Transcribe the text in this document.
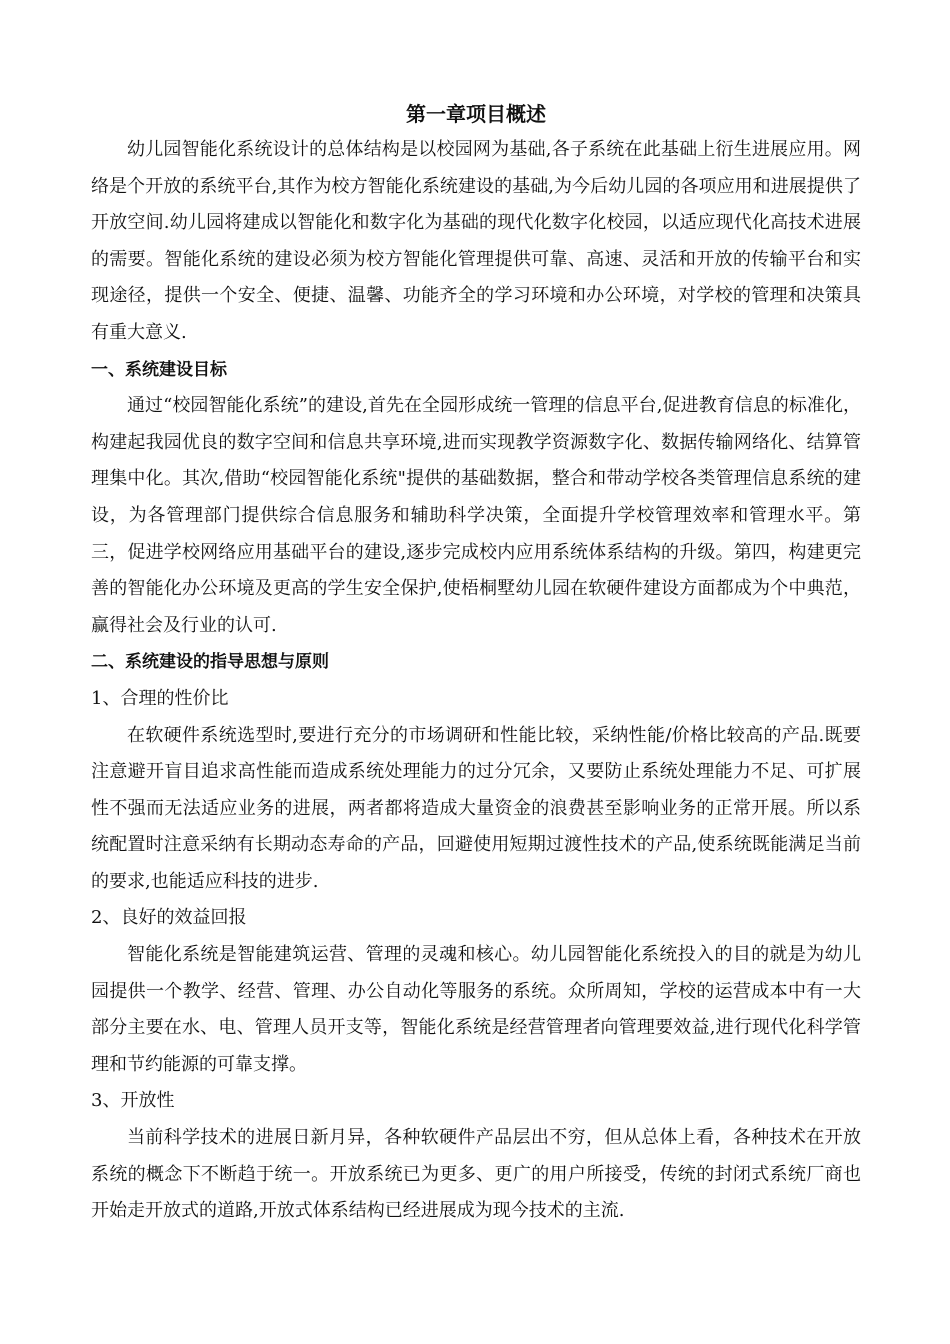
第一章项目概述

幼儿园智能化系统设计的总体结构是以校园网为基础,各子系统在此基础上衍生进展应用。网络是个开放的系统平台,其作为校方智能化系统建设的基础,为今后幼儿园的各项应用和进展提供了开放空间.幼儿园将建成以智能化和数字化为基础的现代化数字化校园，以适应现代化高技术进展的需要。智能化系统的建设必须为校方智能化管理提供可靠、高速、灵活和开放的传输平台和实现途径，提供一个安全、便捷、温馨、功能齐全的学习环境和办公环境，对学校的管理和决策具有重大意义.

一、系统建设目标

通过“校园智能化系统”的建设,首先在全园形成统一管理的信息平台,促进教育信息的标准化，构建起我园优良的数字空间和信息共享环境,进而实现教学资源数字化、数据传输网络化、结算管理集中化。其次,借助“校园智能化系统"提供的基础数据，整合和带动学校各类管理信息系统的建设，为各管理部门提供综合信息服务和辅助科学决策，全面提升学校管理效率和管理水平。第三，促进学校网络应用基础平台的建设,逐步完成校内应用系统体系结构的升级。第四，构建更完善的智能化办公环境及更高的学生安全保护,使梧桐墅幼儿园在软硬件建设方面都成为个中典范，赢得社会及行业的认可.

二、系统建设的指导思想与原则

1、合理的性价比

在软硬件系统选型时,要进行充分的市场调研和性能比较，采纳性能/价格比较高的产品.既要注意避开盲目追求高性能而造成系统处理能力的过分冗余，又要防止系统处理能力不足、可扩展性不强而无法适应业务的进展，两者都将造成大量资金的浪费甚至影响业务的正常开展。所以系统配置时注意采纳有长期动态寿命的产品，回避使用短期过渡性技术的产品,使系统既能满足当前的要求,也能适应科技的进步.

2、良好的效益回报

智能化系统是智能建筑运营、管理的灵魂和核心。幼儿园智能化系统投入的目的就是为幼儿园提供一个教学、经营、管理、办公自动化等服务的系统。众所周知，学校的运营成本中有一大部分主要在水、电、管理人员开支等，智能化系统是经营管理者向管理要效益,进行现代化科学管理和节约能源的可靠支撑。

3、开放性

当前科学技术的进展日新月异，各种软硬件产品层出不穷，但从总体上看，各种技术在开放系统的概念下不断趋于统一。开放系统已为更多、更广的用户所接受，传统的封闭式系统厂商也开始走开放式的道路,开放式体系结构已经进展成为现今技术的主流.
